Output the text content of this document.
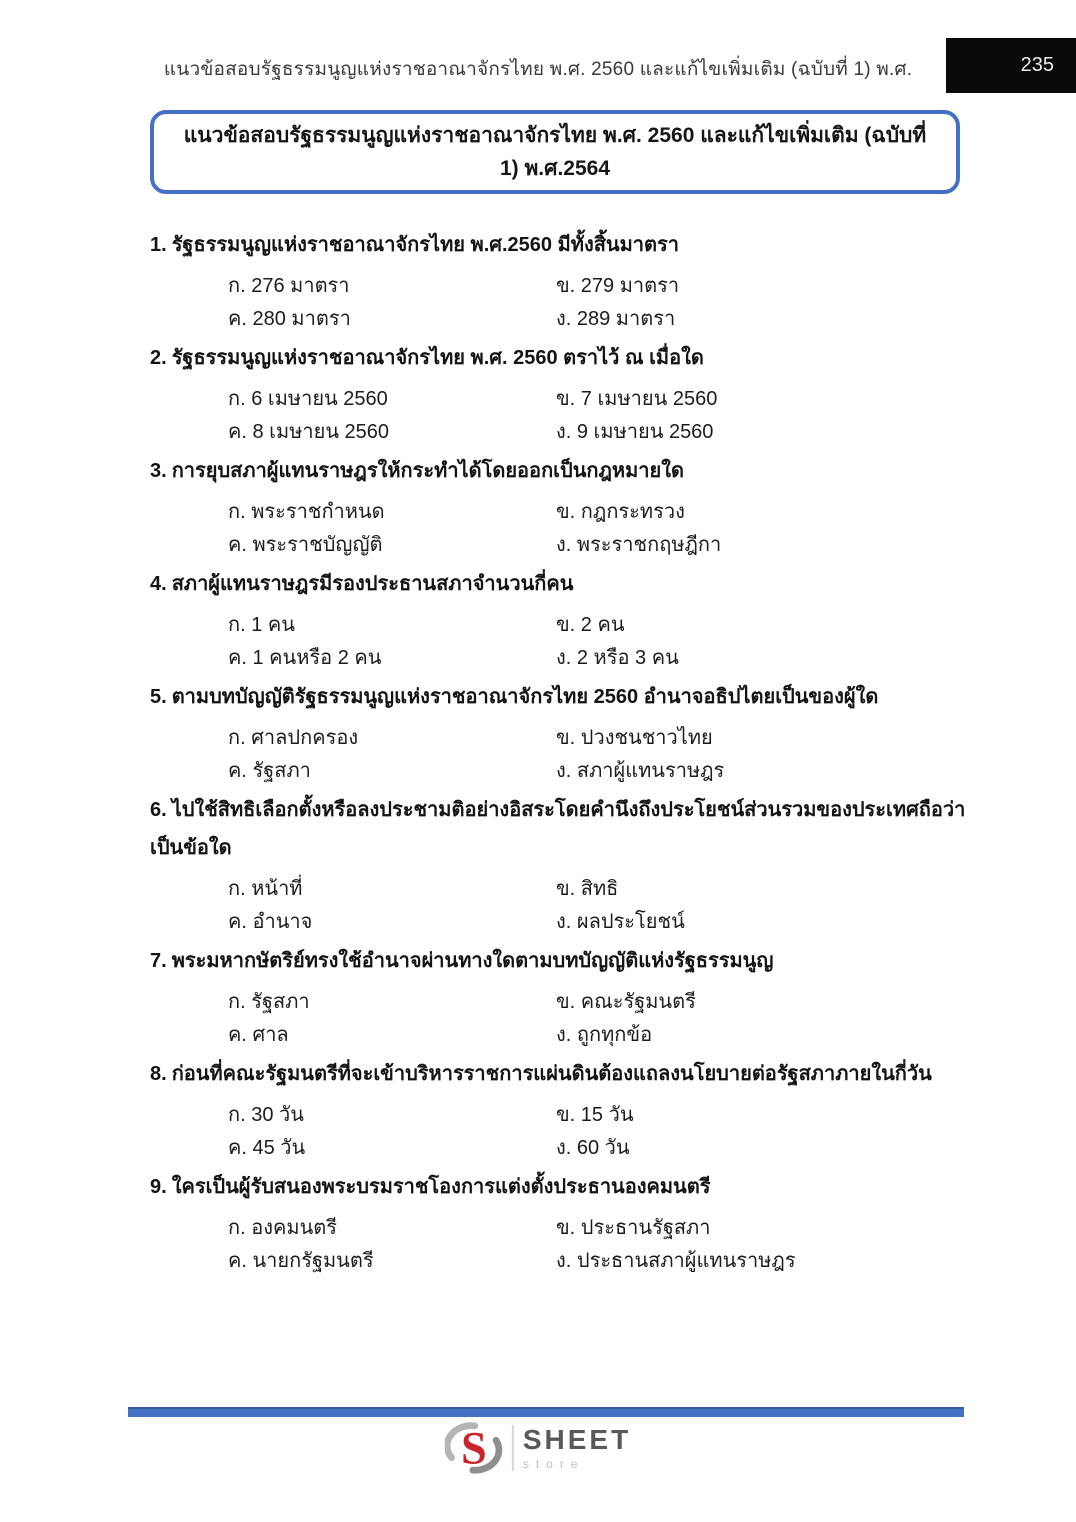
แนวข้อสอบรัฐธรรมนูญแห่งราชอาณาจักรไทย พ.ศ. 2560 และแก้ไขเพิ่มเติม (ฉบับที่ 1) พ.ศ.	235
แนวข้อสอบรัฐธรรมนูญแห่งราชอาณาจักรไทย พ.ศ. 2560 และแก้ไขเพิ่มเติม (ฉบับที่ 1) พ.ศ.2564
1. รัฐธรรมนูญแห่งราชอาณาจักรไทย พ.ศ.2560 มีทั้งสิ้นมาตรา
ก. 276 มาตรา	ข. 279 มาตรา
ค. 280 มาตรา	ง. 289 มาตรา
2. รัฐธรรมนูญแห่งราชอาณาจักรไทย พ.ศ. 2560 ตราไว้ ณ เมื่อใด
ก. 6 เมษายน 2560	ข. 7 เมษายน 2560
ค. 8 เมษายน 2560	ง. 9 เมษายน 2560
3. การยุบสภาผู้แทนราษฎรให้กระทำได้โดยออกเป็นกฎหมายใด
ก. พระราชกำหนด	ข. กฎกระทรวง
ค. พระราชบัญญัติ	ง. พระราชกฤษฎีกา
4. สภาผู้แทนราษฎรมีรองประธานสภาจำนวนกี่คน
ก. 1 คน	ข. 2 คน
ค. 1 คนหรือ 2 คน	ง. 2 หรือ 3 คน
5. ตามบทบัญญัติรัฐธรรมนูญแห่งราชอาณาจักรไทย 2560 อำนาจอธิปไตยเป็นของผู้ใด
ก. ศาลปกครอง	ข. ปวงชนชาวไทย
ค. รัฐสภา	ง. สภาผู้แทนราษฎร
6. ไปใช้สิทธิเลือกตั้งหรือลงประชามติอย่างอิสระโดยคำนึงถึงประโยชน์ส่วนรวมของประเทศถือว่าเป็นข้อใด
ก. หน้าที่	ข. สิทธิ
ค. อำนาจ	ง. ผลประโยชน์
7. พระมหากษัตริย์ทรงใช้อำนาจผ่านทางใดตามบทบัญญัติแห่งรัฐธรรมนูญ
ก. รัฐสภา	ข. คณะรัฐมนตรี
ค. ศาล	ง. ถูกทุกข้อ
8. ก่อนที่คณะรัฐมนตรีที่จะเข้าบริหารราชการแผ่นดินต้องแถลงนโยบายต่อรัฐสภาภายในกี่วัน
ก. 30 วัน	ข. 15 วัน
ค. 45 วัน	ง. 60 วัน
9. ใครเป็นผู้รับสนองพระบรมราชโองการแต่งตั้งประธานองคมนตรี
ก. องคมนตรี	ข. ประธานรัฐสภา
ค. นายกรัฐมนตรี	ง. ประธานสภาผู้แทนราษฎร
S SHEET
store
